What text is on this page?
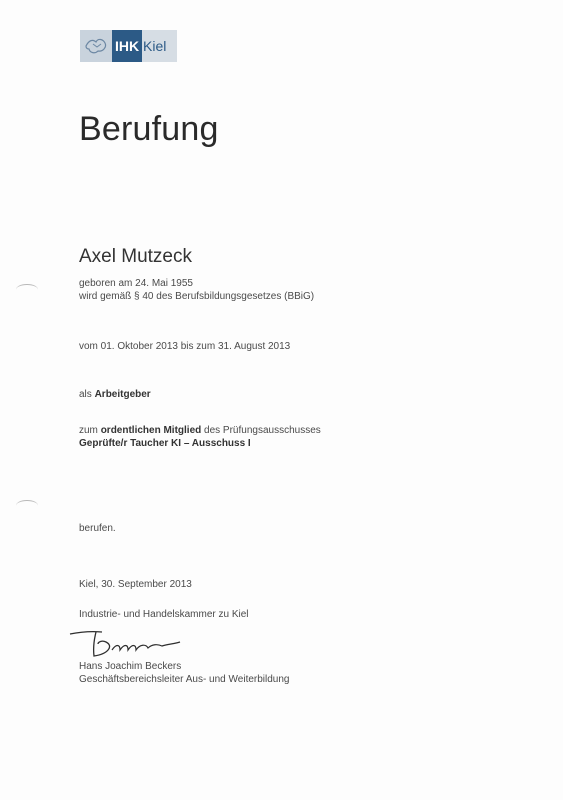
IHK Kiel
Berufung
Axel Mutzeck
geboren am 24. Mai 1955
wird gemäß § 40 des Berufsbildungsgesetzes (BBiG)
vom 01. Oktober 2013 bis zum 31. August 2013
als Arbeitgeber
zum ordentlichen Mitglied des Prüfungsausschusses
Geprüfte/r Taucher KI – Ausschuss I
berufen.
Kiel, 30. September 2013
Industrie- und Handelskammer zu Kiel
Hans Joachim Beckers
Geschäftsbereichsleiter Aus- und Weiterbildung
